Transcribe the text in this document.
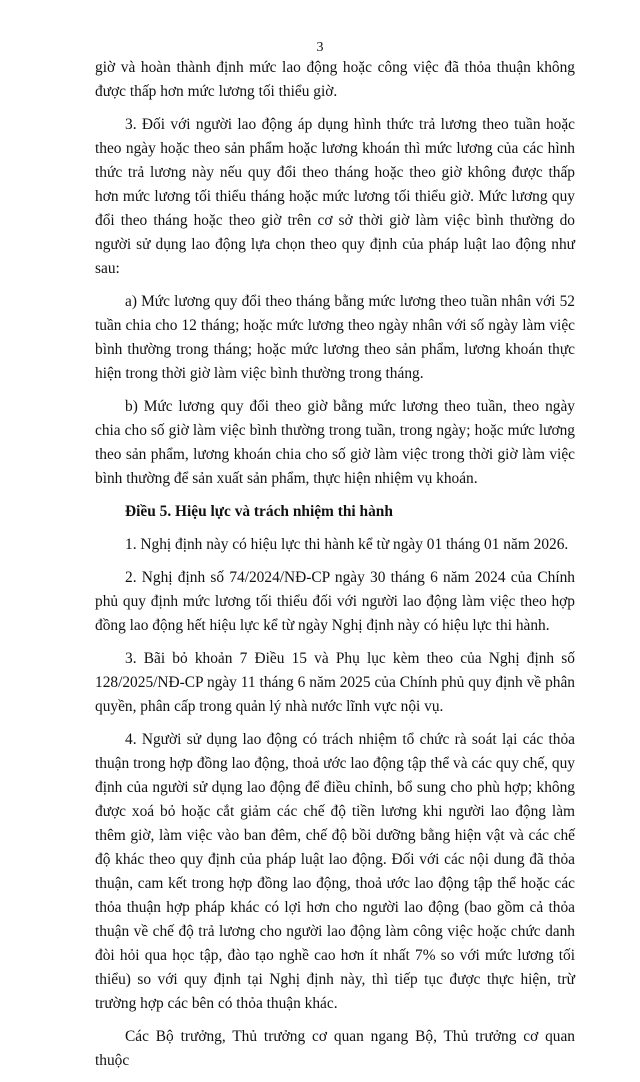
3

giờ và hoàn thành định mức lao động hoặc công việc đã thỏa thuận không được thấp hơn mức lương tối thiểu giờ.

3. Đối với người lao động áp dụng hình thức trả lương theo tuần hoặc theo ngày hoặc theo sản phẩm hoặc lương khoán thì mức lương của các hình thức trả lương này nếu quy đổi theo tháng hoặc theo giờ không được thấp hơn mức lương tối thiểu tháng hoặc mức lương tối thiểu giờ. Mức lương quy đổi theo tháng hoặc theo giờ trên cơ sở thời giờ làm việc bình thường do người sử dụng lao động lựa chọn theo quy định của pháp luật lao động như sau:

a) Mức lương quy đổi theo tháng bằng mức lương theo tuần nhân với 52 tuần chia cho 12 tháng; hoặc mức lương theo ngày nhân với số ngày làm việc bình thường trong tháng; hoặc mức lương theo sản phẩm, lương khoán thực hiện trong thời giờ làm việc bình thường trong tháng.

b) Mức lương quy đổi theo giờ bằng mức lương theo tuần, theo ngày chia cho số giờ làm việc bình thường trong tuần, trong ngày; hoặc mức lương theo sản phẩm, lương khoán chia cho số giờ làm việc trong thời giờ làm việc bình thường để sản xuất sản phẩm, thực hiện nhiệm vụ khoán.

Điều 5. Hiệu lực và trách nhiệm thi hành

1. Nghị định này có hiệu lực thi hành kể từ ngày 01 tháng 01 năm 2026.

2. Nghị định số 74/2024/NĐ-CP ngày 30 tháng 6 năm 2024 của Chính phủ quy định mức lương tối thiểu đối với người lao động làm việc theo hợp đồng lao động hết hiệu lực kể từ ngày Nghị định này có hiệu lực thi hành.

3. Bãi bỏ khoản 7 Điều 15 và Phụ lục kèm theo của Nghị định số 128/2025/NĐ-CP ngày 11 tháng 6 năm 2025 của Chính phủ quy định về phân quyền, phân cấp trong quản lý nhà nước lĩnh vực nội vụ.

4. Người sử dụng lao động có trách nhiệm tổ chức rà soát lại các thỏa thuận trong hợp đồng lao động, thoả ước lao động tập thể và các quy chế, quy định của người sử dụng lao động để điều chỉnh, bổ sung cho phù hợp; không được xoá bỏ hoặc cắt giảm các chế độ tiền lương khi người lao động làm thêm giờ, làm việc vào ban đêm, chế độ bồi dưỡng bằng hiện vật và các chế độ khác theo quy định của pháp luật lao động. Đối với các nội dung đã thỏa thuận, cam kết trong hợp đồng lao động, thoả ước lao động tập thể hoặc các thỏa thuận hợp pháp khác có lợi hơn cho người lao động (bao gồm cả thỏa thuận về chế độ trả lương cho người lao động làm công việc hoặc chức danh đòi hỏi qua học tập, đào tạo nghề cao hơn ít nhất 7% so với mức lương tối thiểu) so với quy định tại Nghị định này, thì tiếp tục được thực hiện, trừ trường hợp các bên có thỏa thuận khác.

Các Bộ trưởng, Thủ trưởng cơ quan ngang Bộ, Thủ trưởng cơ quan thuộc
